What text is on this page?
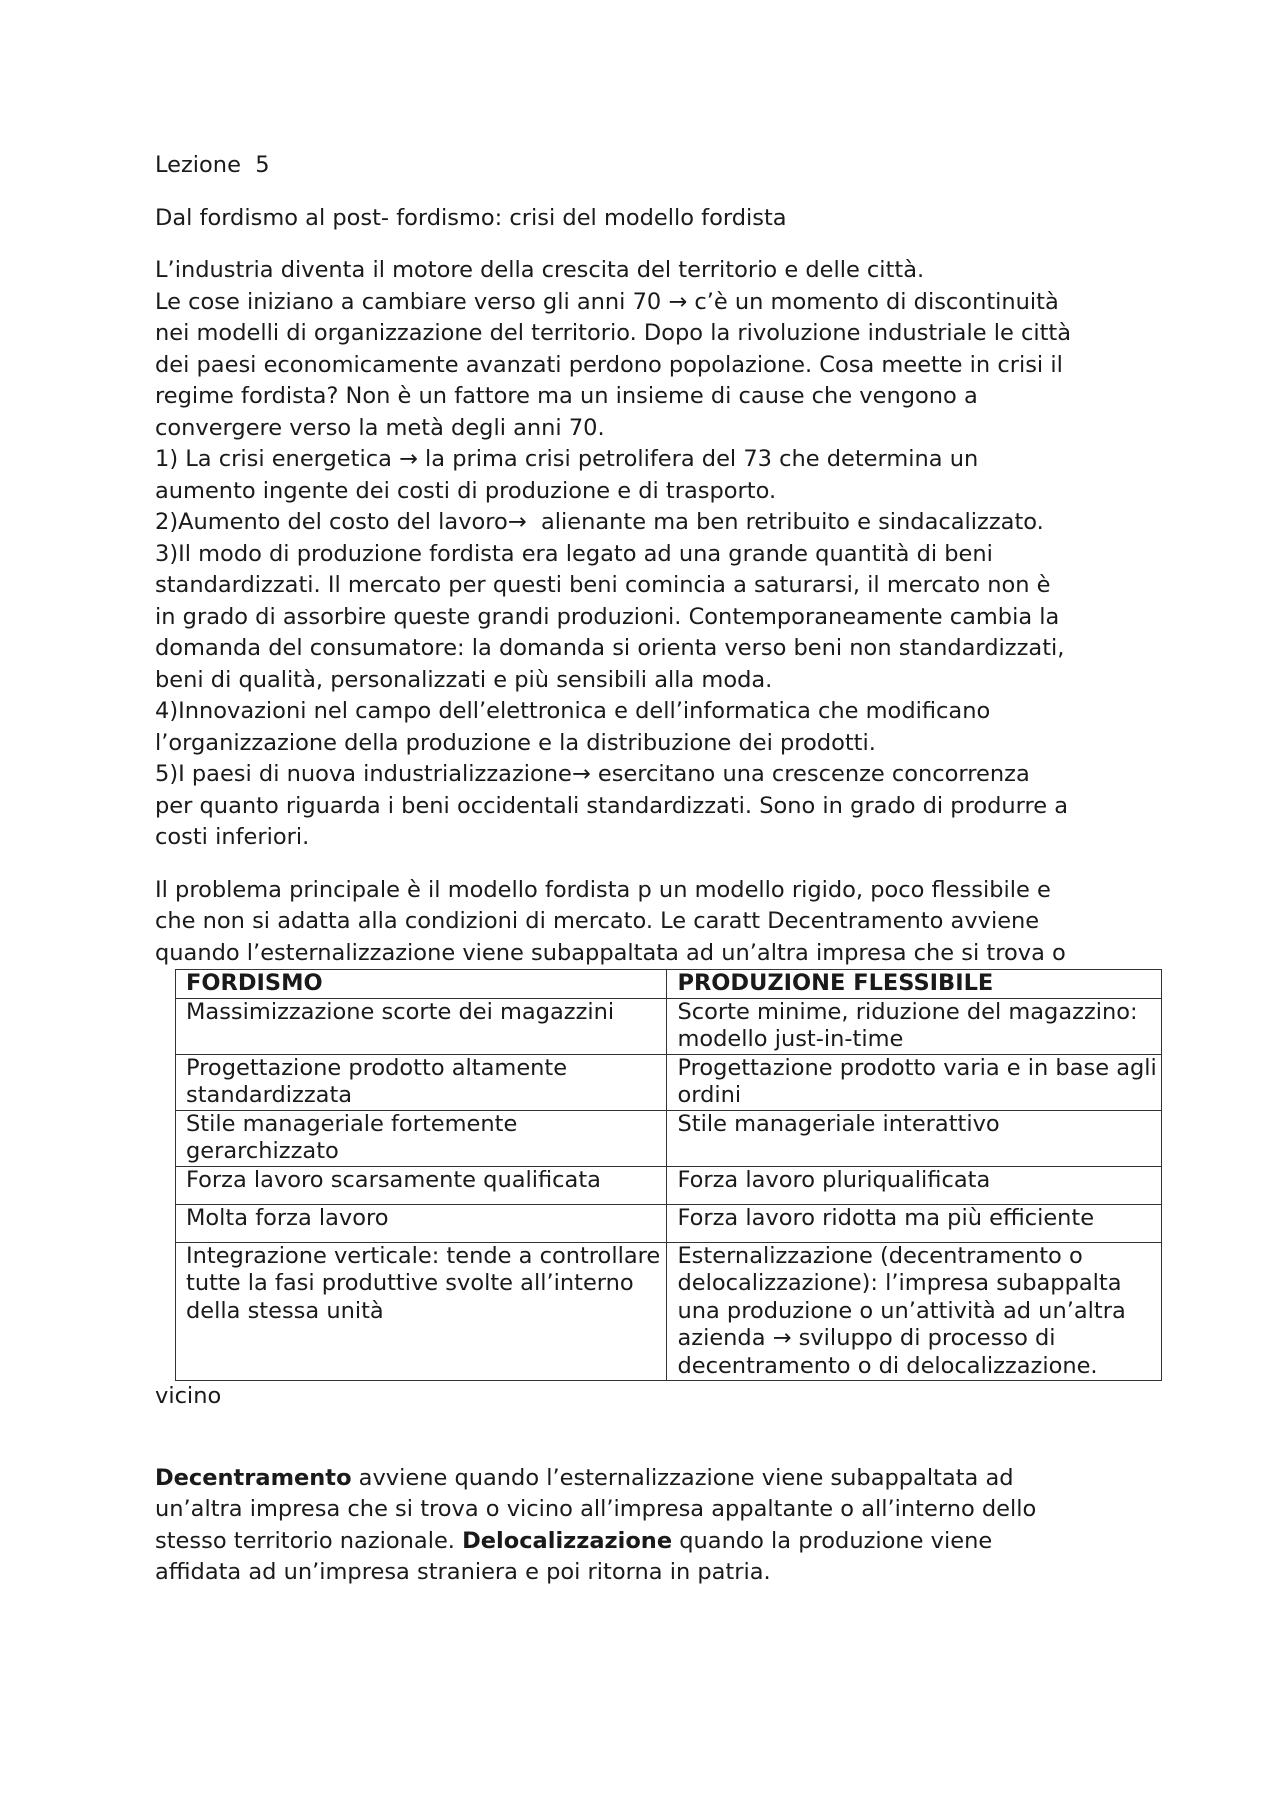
Lezione  5

Dal fordismo al post- fordismo: crisi del modello fordista

L’industria diventa il motore della crescita del territorio e delle città.
Le cose iniziano a cambiare verso gli anni 70 → c’è un momento di discontinuità
nei modelli di organizzazione del territorio. Dopo la rivoluzione industriale le città
dei paesi economicamente avanzati perdono popolazione. Cosa meette in crisi il
regime fordista? Non è un fattore ma un insieme di cause che vengono a
convergere verso la metà degli anni 70.
1) La crisi energetica → la prima crisi petrolifera del 73 che determina un
aumento ingente dei costi di produzione e di trasporto.
2)Aumento del costo del lavoro→  alienante ma ben retribuito e sindacalizzato.
3)Il modo di produzione fordista era legato ad una grande quantità di beni
standardizzati. Il mercato per questi beni comincia a saturarsi, il mercato non è
in grado di assorbire queste grandi produzioni. Contemporaneamente cambia la
domanda del consumatore: la domanda si orienta verso beni non standardizzati,
beni di qualità, personalizzati e più sensibili alla moda.
4)Innovazioni nel campo dell’elettronica e dell’informatica che modificano
l’organizzazione della produzione e la distribuzione dei prodotti.
5)I paesi di nuova industrializzazione→ esercitano una crescenze concorrenza
per quanto riguarda i beni occidentali standardizzati. Sono in grado di produrre a
costi inferiori.
Il problema principale è il modello fordista p un modello rigido, poco flessibile e
che non si adatta alla condizioni di mercato. Le caratt Decentramento avviene
quando l’esternalizzazione viene subappaltata ad un’altra impresa che si trova o
FORDISMO	PRODUZIONE FLESSIBILE
Massimizzazione scorte dei magazzini	Scorte minime, riduzione del magazzino: modello just-in-time
Progettazione prodotto altamente standardizzata	Progettazione prodotto varia e in base agli ordini
Stile manageriale fortemente gerarchizzato	Stile manageriale interattivo
Forza lavoro scarsamente qualificata	Forza lavoro pluriqualificata
Molta forza lavoro	Forza lavoro ridotta ma più efficiente
Integrazione verticale: tende a controllare tutte la fasi produttive svolte all’interno della stessa unità	Esternalizzazione (decentramento o delocalizzazione): l’impresa subappalta una produzione o un’attività ad un’altra azienda → sviluppo di processo di decentramento o di delocalizzazione.

vicino

Decentramento avviene quando l’esternalizzazione viene subappaltata ad
un’altra impresa che si trova o vicino all’impresa appaltante o all’interno dello
stesso territorio nazionale. Delocalizzazione quando la produzione viene
affidata ad un’impresa straniera e poi ritorna in patria.
